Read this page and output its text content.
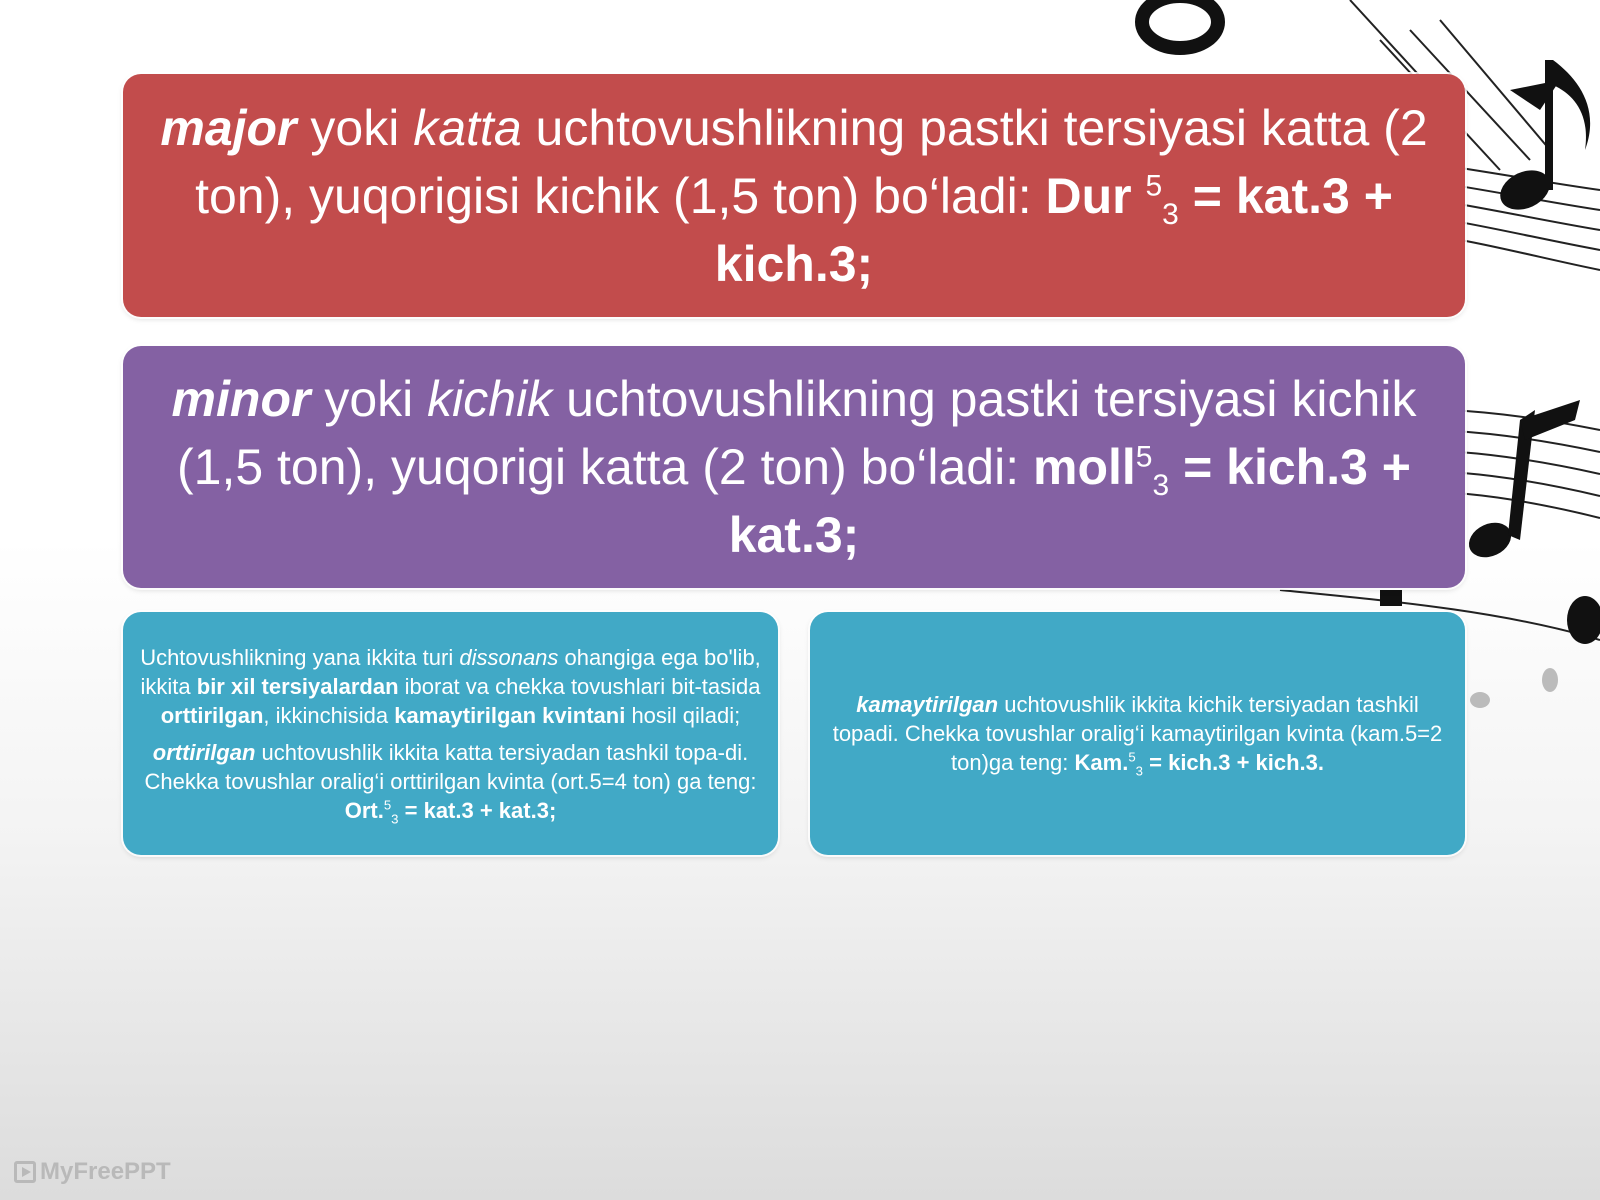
major yoki katta uchtovushlikning pastki tersiyasi katta (2 ton), yuqorigisi kichik (1,5 ton) bo‘ladi: Dur $^5_3$ = kat.3 + kich.3;

minor yoki kichik uchtovushlikning pastki tersiyasi kichik (1,5 ton), yuqorigi katta (2 ton) bo‘ladi: moll$^5_3$ = kich.3 + kat.3;

Uchtovushlikning yana ikkita turi dissonans ohangiga ega bo'lib, ikkita bir xil tersiyalardan iborat va chekka tovushlari bit-tasida orttirilgan, ikkinchisida kamaytirilgan kvintani hosil qiladi;

orttirilgan uchtovushlik ikkita katta tersiyadan tashkil topa-di. Chekka tovushlar oralig‘i orttirilgan kvinta (ort.5=4 ton) ga teng: Ort.$^5_3$ = kat.3 + kat.3;

kamaytirilgan uchtovushlik ikkita kichik tersiyadan tashkil topadi. Chekka tovushlar oralig‘i kamaytirilgan kvinta (kam.5=2 ton)ga teng: Kam.$^5_3$ = kich.3 + kich.3.

MyFreePPT
